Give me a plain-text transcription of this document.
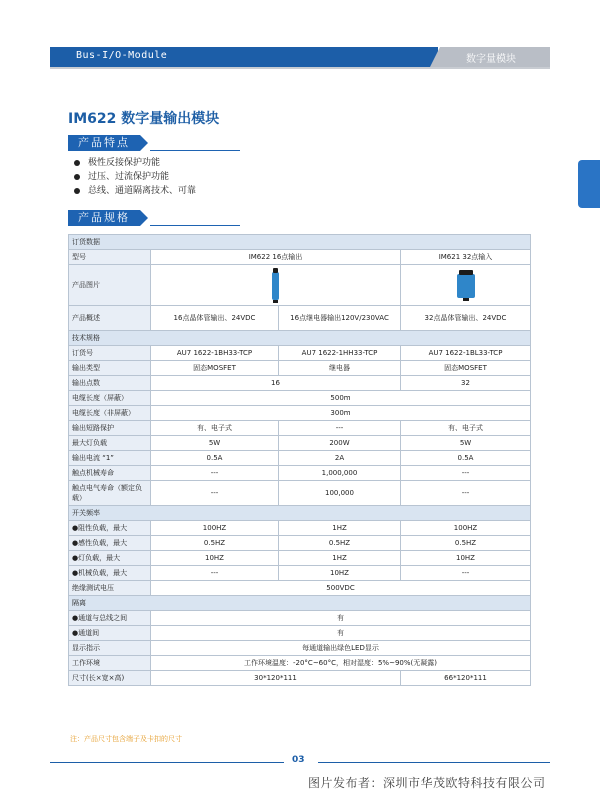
Bus-I/O-Module	数字量模块
IM622 数字量输出模块
产品特点
极性反接保护功能
过压、过流保护功能
总线、通道隔离技术、可靠
产品规格
订货数据			
型号	IM622 16点输出		IM621 32点输入
产品图片			
产品概述	16点晶体管输出、24VDC	16点继电器输出120V/230VAC	32点晶体管输出、24VDC
技术规格			
订货号	AU7 1622-1BH33-TCP	AU7 1622-1HH33-TCP	AU7 1622-1BL33-TCP
输出类型	固态MOSFET	继电器	固态MOSFET
输出点数	16		32
电缆长度（屏蔽）	500m		
电缆长度（非屏蔽）	300m		
输出短路保护	有、电子式	---	有、电子式
最大灯负载	5W	200W	5W
输出电流 “1”	0.5A	2A	0.5A
触点机械寿命	---	1,000,000	---
触点电气寿命（额定负载）	---	100,000	---
开关频率			
●阻性负载，最大	100HZ	1HZ	100HZ
●感性负载，最大	0.5HZ	0.5HZ	0.5HZ
●灯负载，最大	10HZ	1HZ	10HZ
●机械负载，最大	---	10HZ	---
绝缘测试电压	500VDC		
隔离			
●通道与总线之间	有		
●通道间	有		
显示指示	每通道输出绿色LED显示		
工作环境	工作环境温度：-20°C~60°C，相对湿度：5%~90%(无凝露)		
尺寸(长×宽×高)	30*120*111		66*120*111
注：产品尺寸包含端子及卡扣的尺寸
03
图片发布者：深圳市华茂欧特科技有限公司
